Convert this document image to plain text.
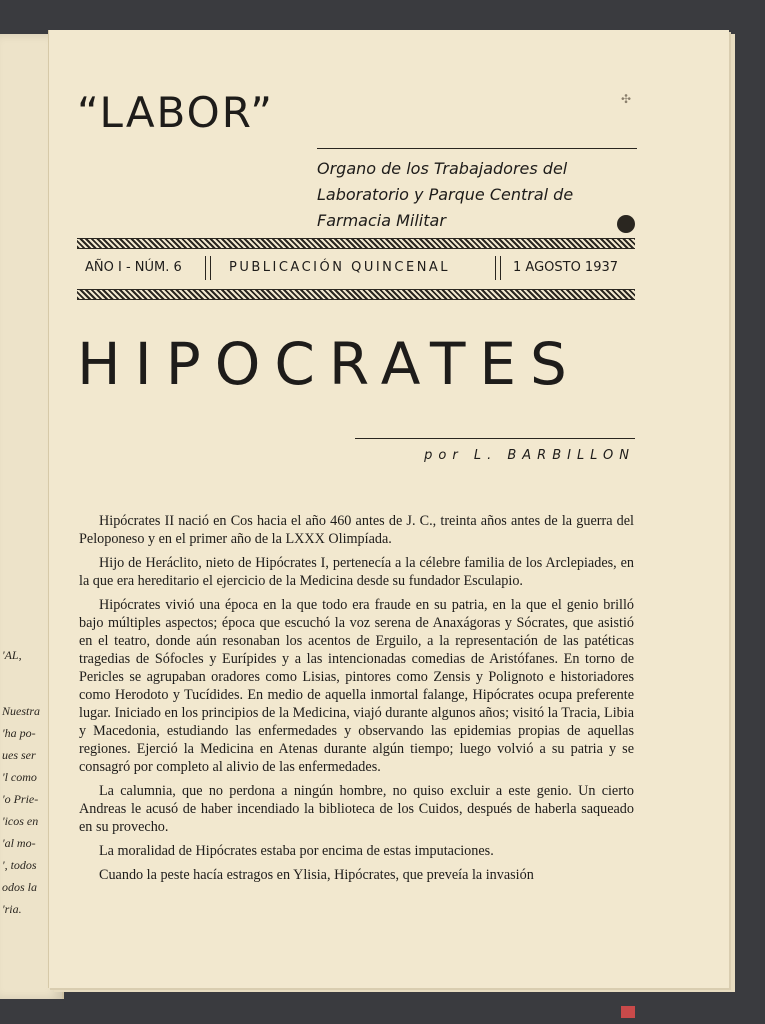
'AL,
Nuestra
'ha po-
ues ser
'l como
'o Prie-
'icos en
'al mo-
', todos
odos la
'ria.
✣
“LABOR”
Organo de los Trabajadores del Laboratorio y Parque Central de Farmacia Militar
AÑO I - NÚM. 6	PUBLICACIÓN QUINCENAL	1 AGOSTO 1937
HIPOCRATES
por L. BARBILLON

Hipócrates II nació en Cos hacia el año 460 antes de J. C., treinta años antes de la guerra del Peloponeso y en el primer año de la LXXX Olimpíada.

Hijo de Heráclito, nieto de Hipócrates I, pertenecía a la célebre familia de los Arclepiades, en la que era hereditario el ejercicio de la Medicina desde su fundador Esculapio.

Hipócrates vivió una época en la que todo era fraude en su patria, en la que el genio brilló bajo múltiples aspectos; época que escuchó la voz serena de Anaxágoras y Sócrates, que asistió en el teatro, donde aún resonaban los acentos de Erguilo, a la representación de las patéticas tragedias de Sófocles y Eurípides y a las intencionadas comedias de Aristófanes. En torno de Pericles se agrupaban oradores como Lisias, pintores como Zensis y Polignoto e historiadores como Herodoto y Tucídides. En medio de aquella inmortal falange, Hipócrates ocupa preferente lugar. Iniciado en los principios de la Medicina, viajó durante algunos años; visitó la Tracia, Libia y Macedonia, estudiando las enfermedades y observando las epidemias propias de aquellas regiones. Ejerció la Medicina en Atenas durante algún tiempo; luego volvió a su patria y se consagró por completo al alivio de las enfermedades.

La calumnia, que no perdona a ningún hombre, no quiso excluir a este genio. Un cierto Andreas le acusó de haber incendiado la biblioteca de los Cuidos, después de haberla saqueado en su provecho.

La moralidad de Hipócrates estaba por encima de estas imputaciones.

Cuando la peste hacía estragos en Ylisia, Hipócrates, que preveía la invasión
